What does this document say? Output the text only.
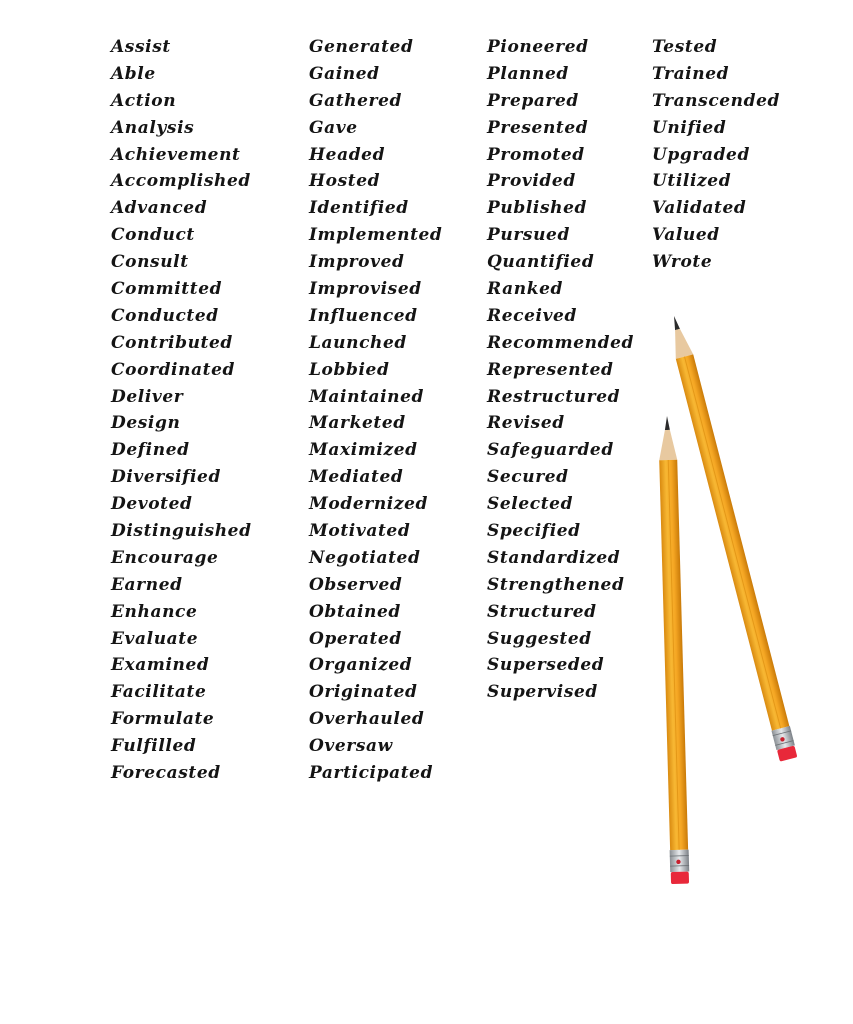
Assist
Able
Action
Analysis
Achievement
Accomplished
Advanced
Conduct
Consult
Committed
Conducted
Contributed
Coordinated
Deliver
Design
Defined
Diversified
Devoted
Distinguished
Encourage
Earned
Enhance
Evaluate
Examined
Facilitate
Formulate
Fulfilled
Forecasted
Generated
Gained
Gathered
Gave
Headed
Hosted
Identified
Implemented
Improved
Improvised
Influenced
Launched
Lobbied
Maintained
Marketed
Maximized
Mediated
Modernized
Motivated
Negotiated
Observed
Obtained
Operated
Organized
Originated
Overhauled
Oversaw
Participated
Pioneered
Planned
Prepared
Presented
Promoted
Provided
Published
Pursued
Quantified
Ranked
Received
Recommended
Represented
Restructured
Revised
Safeguarded
Secured
Selected
Specified
Standardized
Strengthened
Structured
Suggested
Superseded
Supervised
Tested
Trained
Transcended
Unified
Upgraded
Utilized
Validated
Valued
Wrote
